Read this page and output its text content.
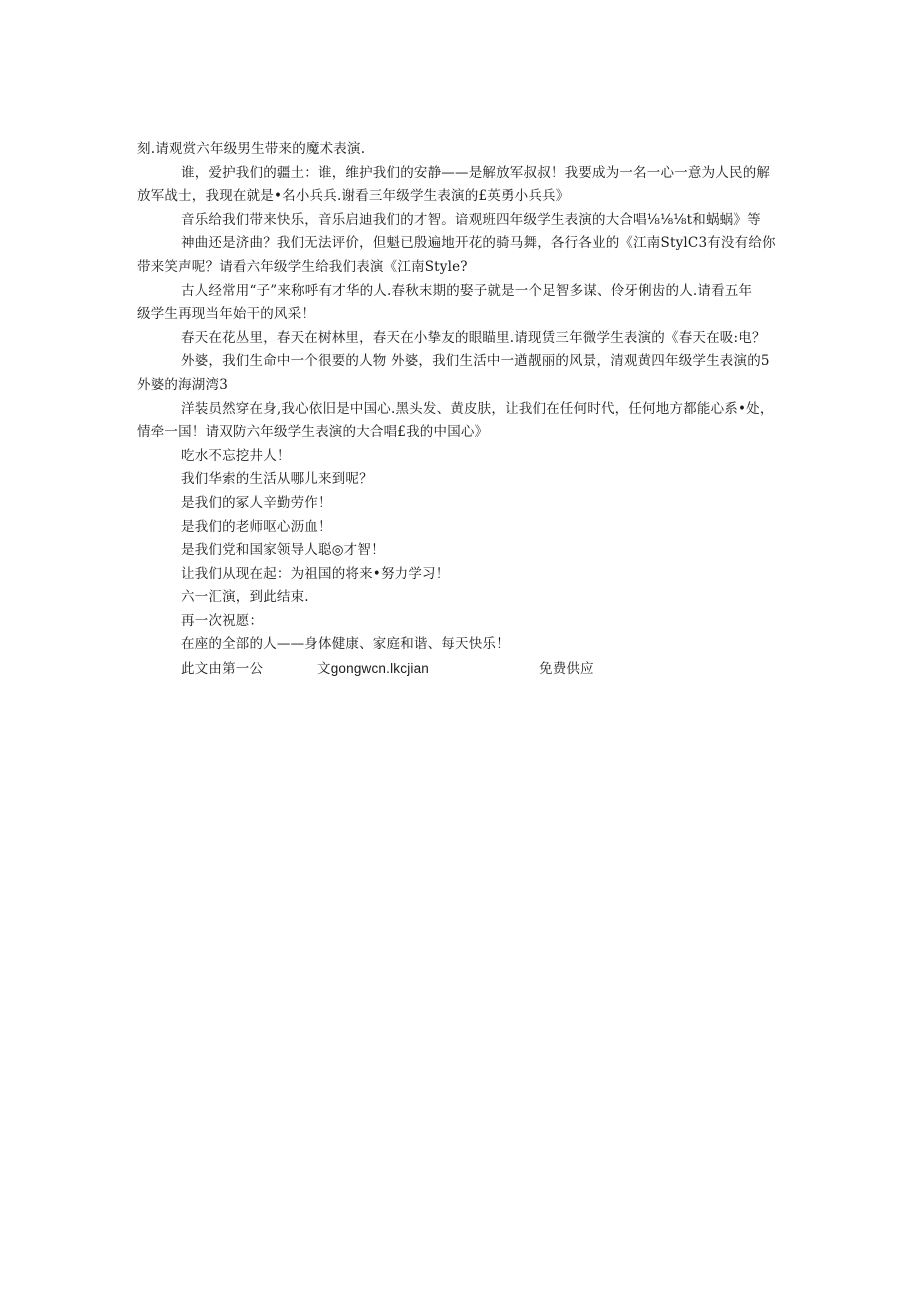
刻.请观赏六年级男生带来的魔术表演.
谁，爱护我们的疆土：谁，维护我们的安静——是解放军叔叔！我要成为一名一心一意为人民的解
放军战士，我现在就是•名小兵兵.谢看三年级学生表演的£英勇小兵兵》
音乐给我们带来快乐，音乐启迪我们的才智。谙观班四年级学生表演的大合唱⅛⅛⅛t和蜗蜗》等
神曲还是济曲？我们无法评价，但魁已殷遍地开花的骑马舞，各行各业的《江南StylC3有没有给你
带来笑声呢？请看六年级学生给我们表演《江南Style?
古人经常用“子”来称呼有才华的人.春秋末期的娶子就是一个足智多谋、伶牙俐齿的人.请看五年
级学生再现当年始干的风采！
春天在花丛里，春天在树林里，春天在小挚友的眼瞄里.请现赁三年微学生表演的《春天在吸:电？
外婆，我们生命中一个很要的人物 外婆，我们生活中一遒靓丽的风景，清观黄四年级学生表演的5
外婆的海湖湾3
洋装员然穿在身,我心依旧是中国心.黑头发、黄皮肤，让我们在任何时代，任何地方都能心系•处，
情牵一国！请双防六年级学生表演的大合唱£我的中国心》
吃水不忘挖井人！
我们华索的生活从哪儿来到呢？
是我们的冢人辛勤劳作！
是我们的老师呕心沥血！
是我们党和国家领导人聪◎才智！
让我们从现在起：为祖国的将来•努力学习！
六一汇演，到此结束.
再一次祝愿：
在座的全部的人——身体健康、家庭和谐、每天快乐！
此文由第一公	文gongwcn.lkcjian	免费供应
